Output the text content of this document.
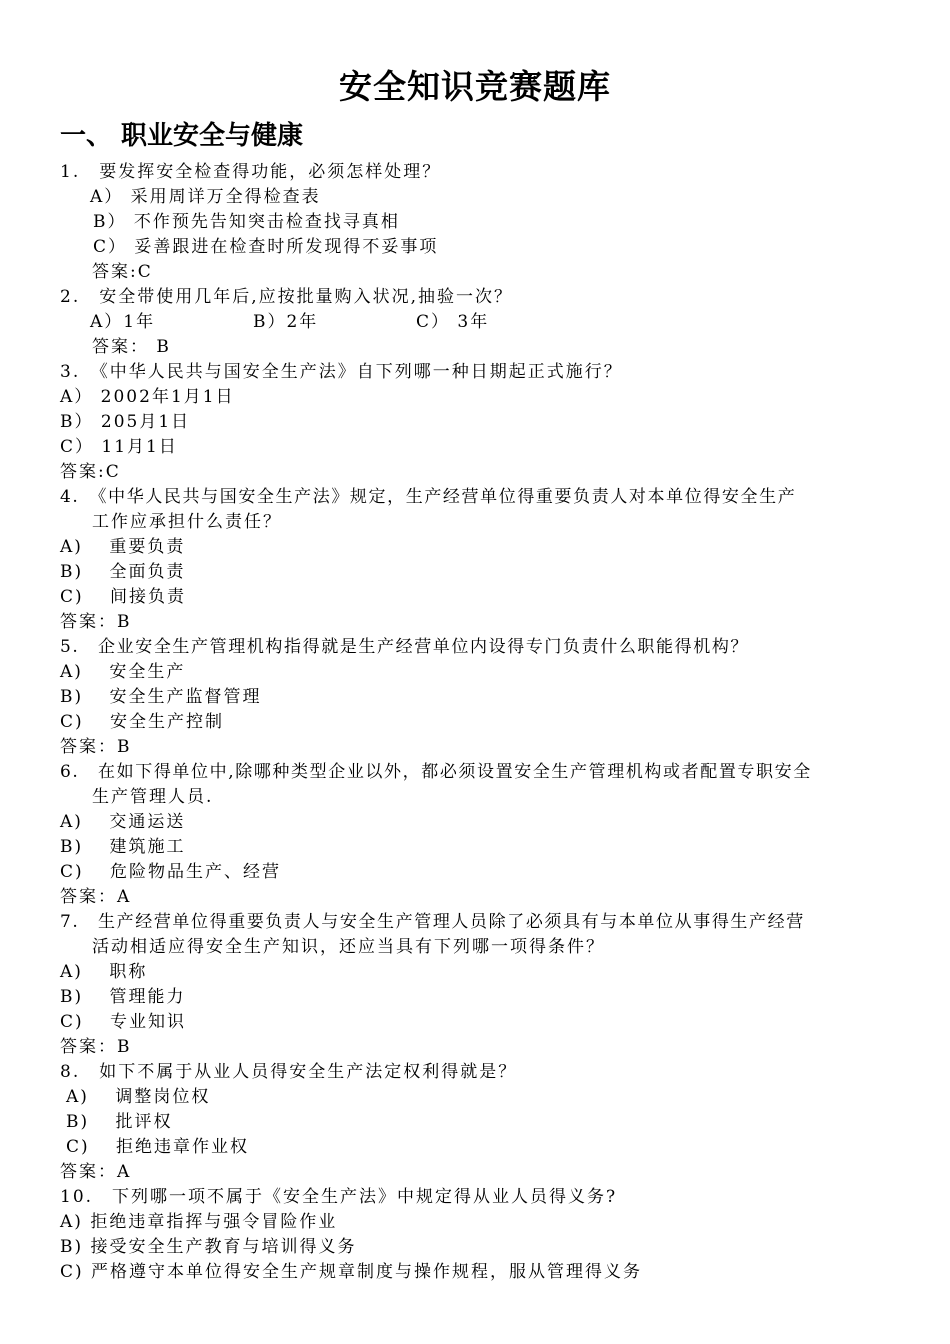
安全知识竞赛题库
一、 职业安全与健康
1.　要发挥安全检查得功能，必须怎样处理？
A） 采用周详万全得检查表
B） 不作预先告知突击检查找寻真相
C） 妥善跟进在检查时所发现得不妥事项
答案:C
2.　安全带使用几年后,应按批量购入状况,抽验一次？
A）1年	B）2年	C） 3年
答案： B
3.　《中华人民共与国安全生产法》自下列哪一种日期起正式施行？
A） 2002年1月1日
B） 205月1日
C） 11月1日
答案:C
4.　《中华人民共与国安全生产法》规定，生产经营单位得重要负责人对本单位得安全生产
工作应承担什么责任？
A)　 重要负责
B)　 全面负责
C)　 间接负责
答案：B
5.　企业安全生产管理机构指得就是生产经营单位内设得专门负责什么职能得机构？
A)　 安全生产
B)　 安全生产监督管理
C)　 安全生产控制
答案：B
6.　在如下得单位中,除哪种类型企业以外，都必须设置安全生产管理机构或者配置专职安全
生产管理人员.
A)　 交通运送
B)　 建筑施工
C)　 危险物品生产、经营
答案：A
7.　生产经营单位得重要负责人与安全生产管理人员除了必须具有与本单位从事得生产经营
活动相适应得安全生产知识，还应当具有下列哪一项得条件？
A)　 职称
B)　 管理能力
C)　 专业知识
答案：B
8.　如下不属于从业人员得安全生产法定权利得就是？
A)　 调整岗位权
B)　 批评权
C)　 拒绝违章作业权
答案：A
10.　下列哪一项不属于《安全生产法》中规定得从业人员得义务?
A) 拒绝违章指挥与强令冒险作业
B) 接受安全生产教育与培训得义务
C) 严格遵守本单位得安全生产规章制度与操作规程，服从管理得义务
